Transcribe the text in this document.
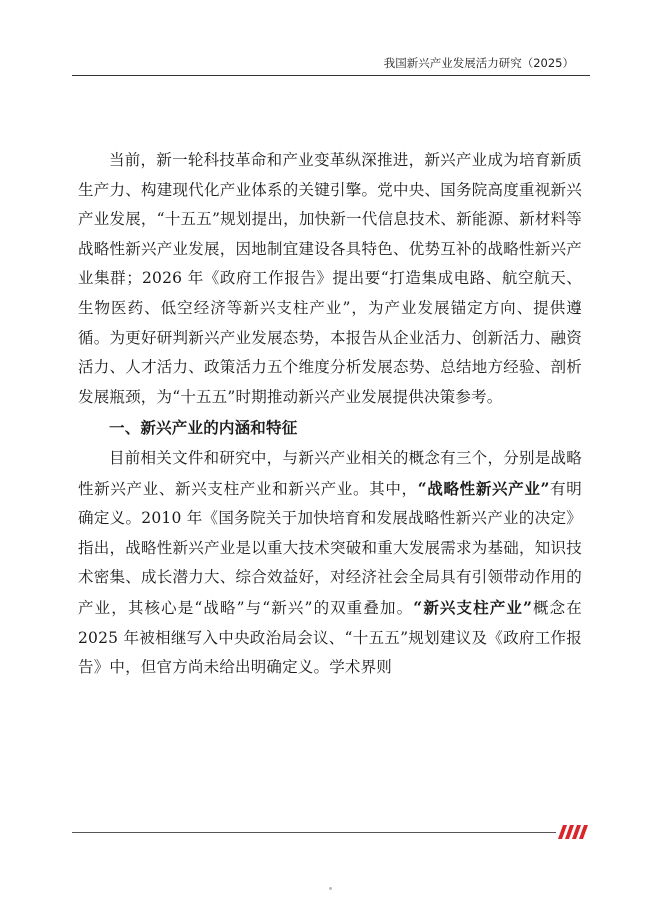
我国新兴产业发展活力研究（2025）

当前，新一轮科技革命和产业变革纵深推进，新兴产业成为培育新质生产力、构建现代化产业体系的关键引擎。党中央、国务院高度重视新兴产业发展，“十五五”规划提出，加快新一代信息技术、新能源、新材料等战略性新兴产业发展，因地制宜建设各具特色、优势互补的战略性新兴产业集群；2026 年《政府工作报告》提出要“打造集成电路、航空航天、生物医药、低空经济等新兴支柱产业”，为产业发展锚定方向、提供遵循。为更好研判新兴产业发展态势，本报告从企业活力、创新活力、融资活力、人才活力、政策活力五个维度分析发展态势、总结地方经验、剖析发展瓶颈，为“十五五”时期推动新兴产业发展提供决策参考。

一、新兴产业的内涵和特征

目前相关文件和研究中，与新兴产业相关的概念有三个，分别是战略性新兴产业、新兴支柱产业和新兴产业。其中，“战略性新兴产业”有明确定义。2010 年《国务院关于加快培育和发展战略性新兴产业的决定》指出，战略性新兴产业是以重大技术突破和重大发展需求为基础，知识技术密集、成长潜力大、综合效益好，对经济社会全局具有引领带动作用的产业，其核心是“战略”与“新兴”的双重叠加。“新兴支柱产业”概念在 2025 年被相继写入中央政治局会议、“十五五”规划建议及《政府工作报告》中，但官方尚未给出明确定义。学术界则
